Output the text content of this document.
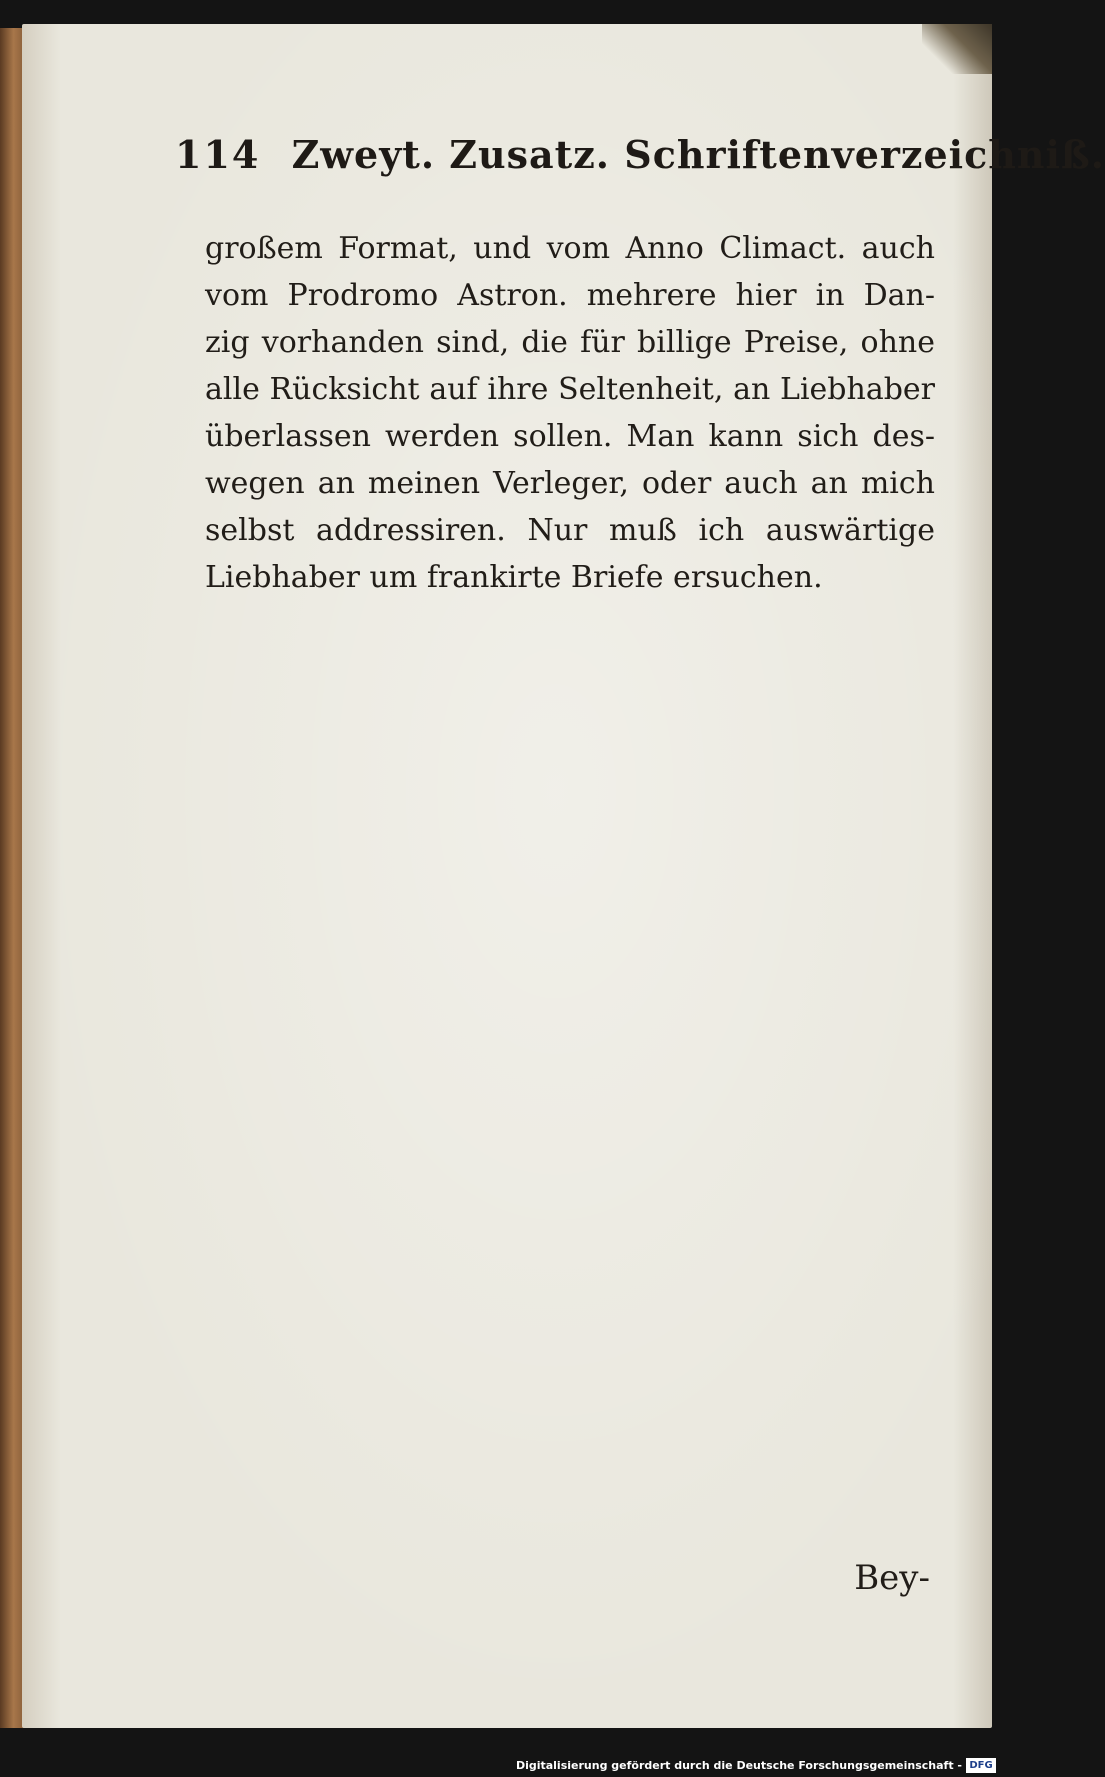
114 Zweyt. Zusatz. Schriftenverzeichniß.
großem Format, und vom Anno Climact. auch
vom Prodromo Astron. mehrere hier in Dan-
zig vorhanden sind, die für billige Preise, ohne
alle Rücksicht auf ihre Seltenheit, an Liebhaber
überlassen werden sollen. Man kann sich des-
wegen an meinen Verleger, oder auch an mich
selbst addressiren. Nur muß ich auswärtige
Liebhaber um frankirte Briefe ersuchen.
Bey-
Digitalisierung gefördert durch die Deutsche Forschungsgemeinschaft - DFG
